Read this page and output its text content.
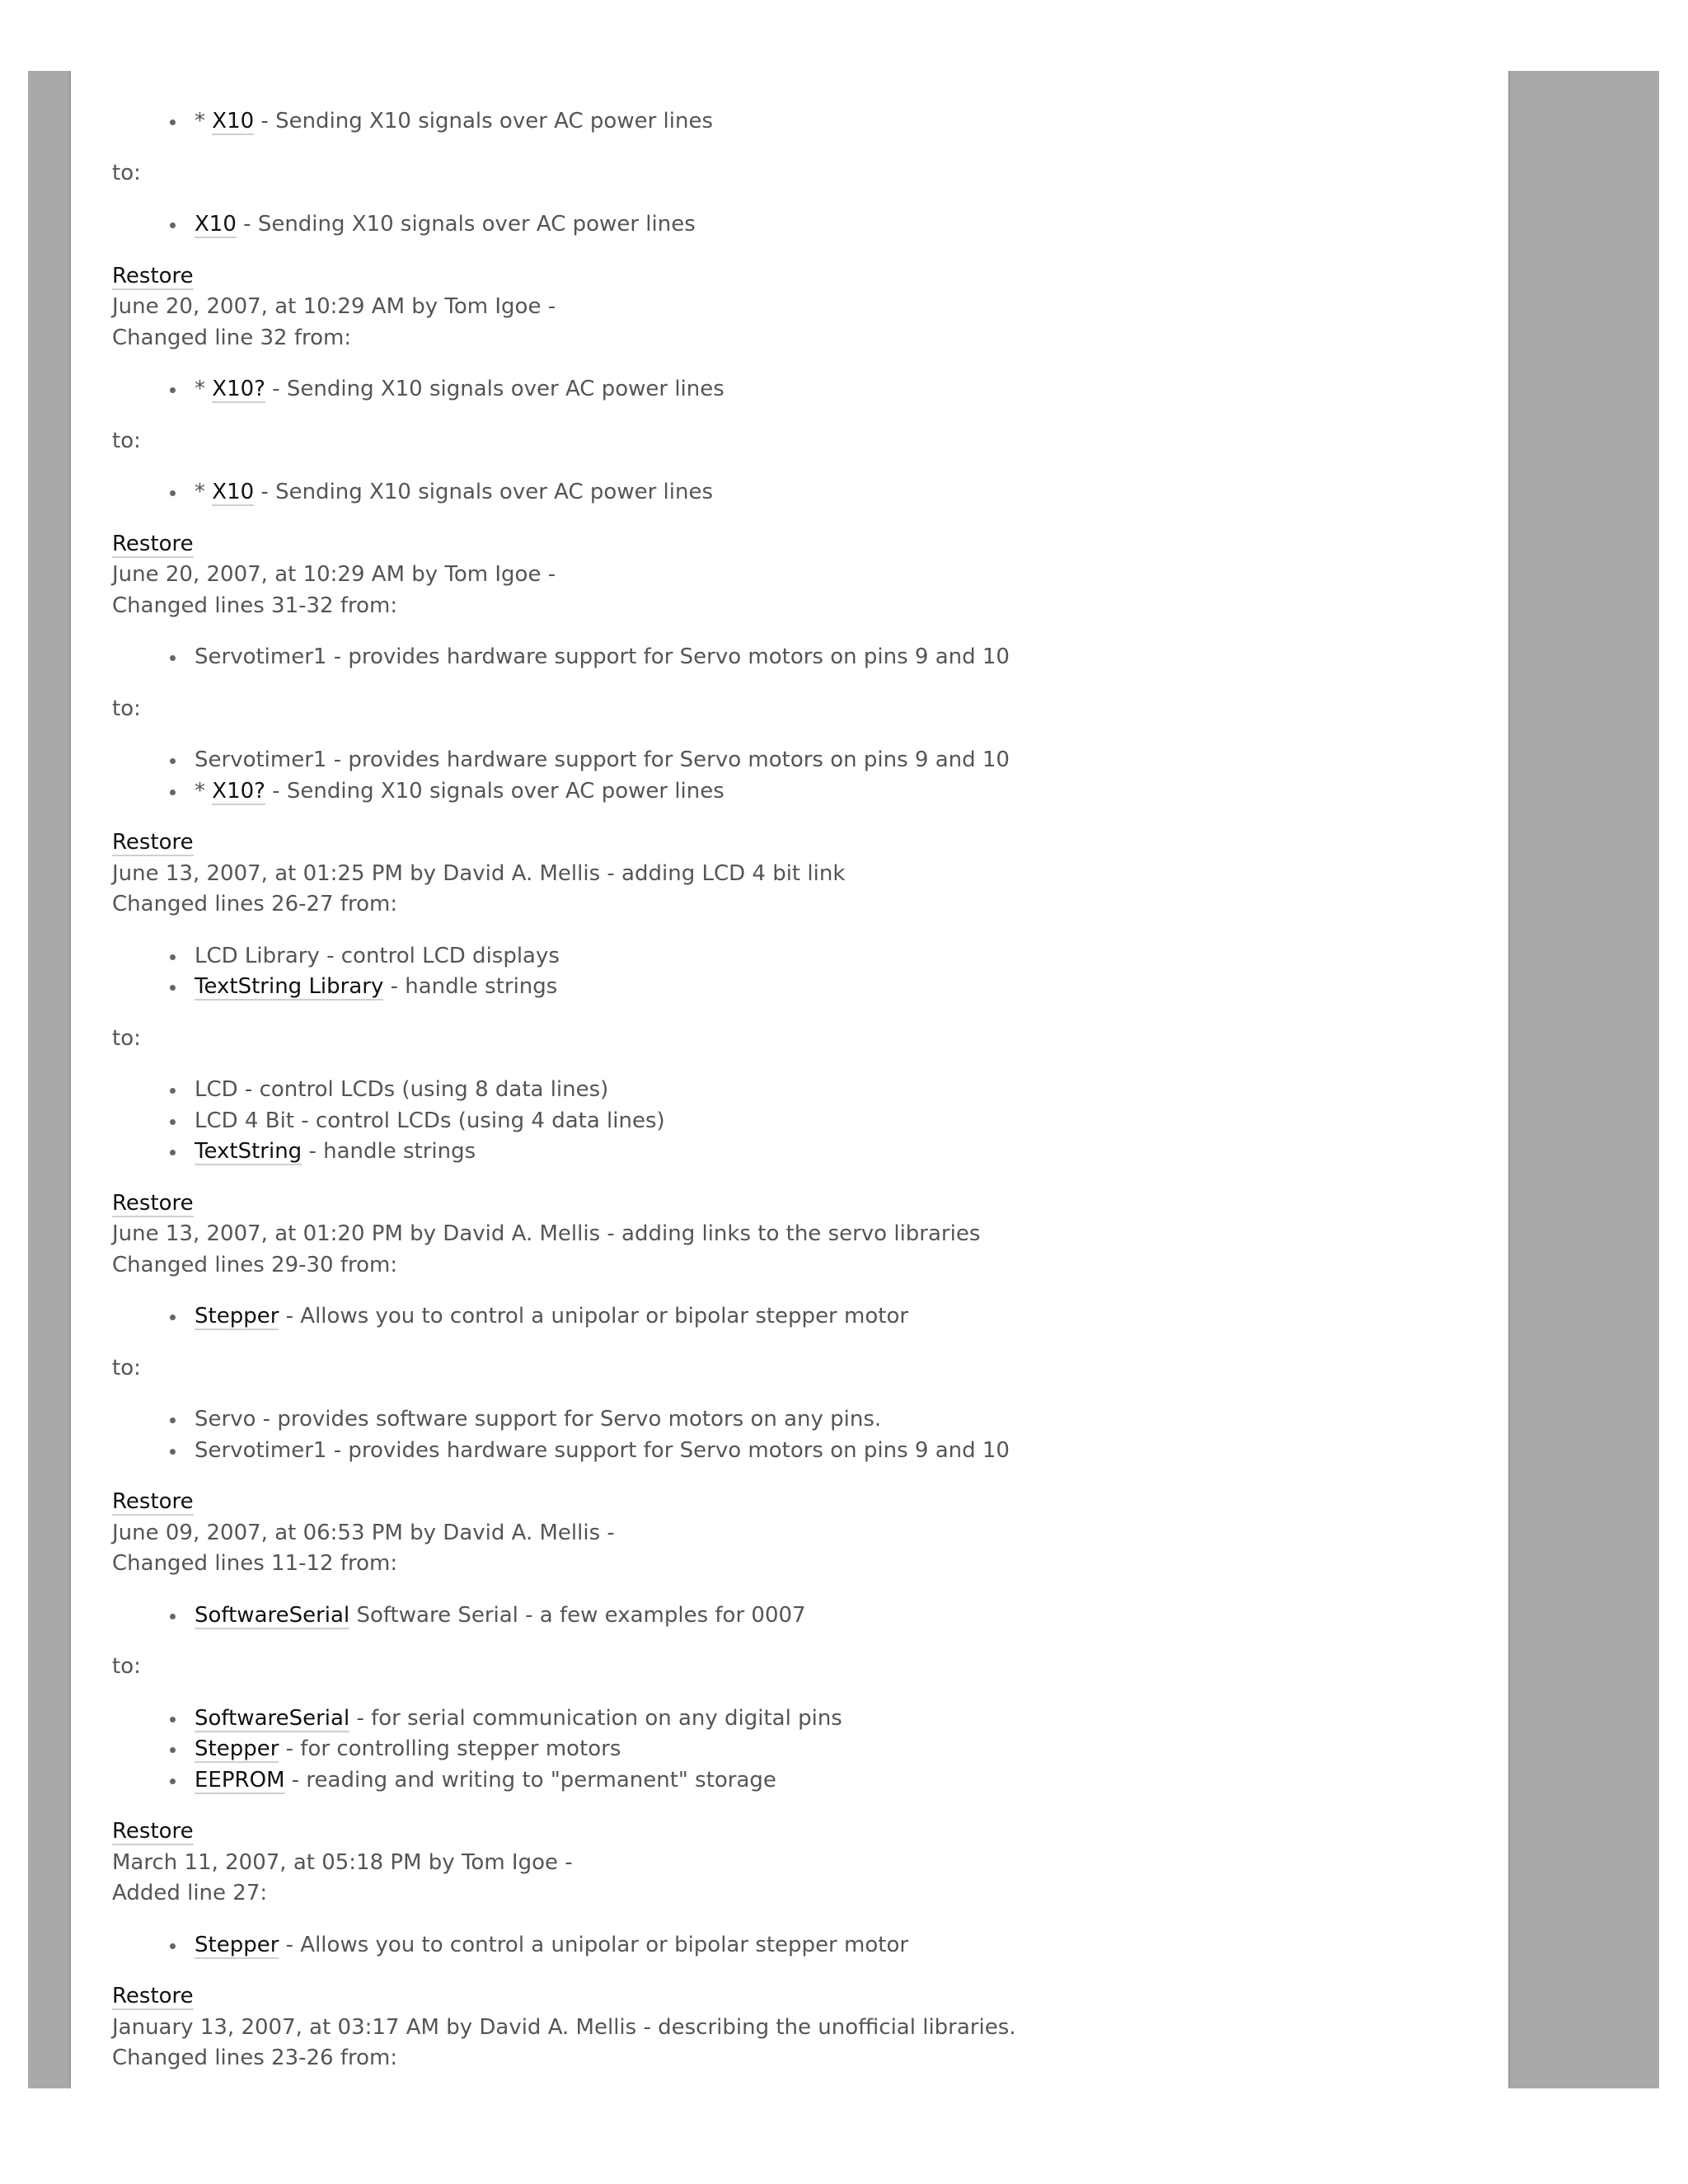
* X10 - Sending X10 signals over AC power lines
to:
X10 - Sending X10 signals over AC power lines
Restore
June 20, 2007, at 10:29 AM by Tom Igoe -
Changed line 32 from:
* X10? - Sending X10 signals over AC power lines
to:
* X10 - Sending X10 signals over AC power lines
Restore
June 20, 2007, at 10:29 AM by Tom Igoe -
Changed lines 31-32 from:
Servotimer1 - provides hardware support for Servo motors on pins 9 and 10
to:
Servotimer1 - provides hardware support for Servo motors on pins 9 and 10
* X10? - Sending X10 signals over AC power lines
Restore
June 13, 2007, at 01:25 PM by David A. Mellis - adding LCD 4 bit link
Changed lines 26-27 from:
LCD Library - control LCD displays
TextString Library - handle strings
to:
LCD - control LCDs (using 8 data lines)
LCD 4 Bit - control LCDs (using 4 data lines)
TextString - handle strings
Restore
June 13, 2007, at 01:20 PM by David A. Mellis - adding links to the servo libraries
Changed lines 29-30 from:
Stepper - Allows you to control a unipolar or bipolar stepper motor
to:
Servo - provides software support for Servo motors on any pins.
Servotimer1 - provides hardware support for Servo motors on pins 9 and 10
Restore
June 09, 2007, at 06:53 PM by David A. Mellis -
Changed lines 11-12 from:
SoftwareSerial Software Serial - a few examples for 0007
to:
SoftwareSerial - for serial communication on any digital pins
Stepper - for controlling stepper motors
EEPROM - reading and writing to "permanent" storage
Restore
March 11, 2007, at 05:18 PM by Tom Igoe -
Added line 27:
Stepper - Allows you to control a unipolar or bipolar stepper motor
Restore
January 13, 2007, at 03:17 AM by David A. Mellis - describing the unofficial libraries.
Changed lines 23-26 from:
